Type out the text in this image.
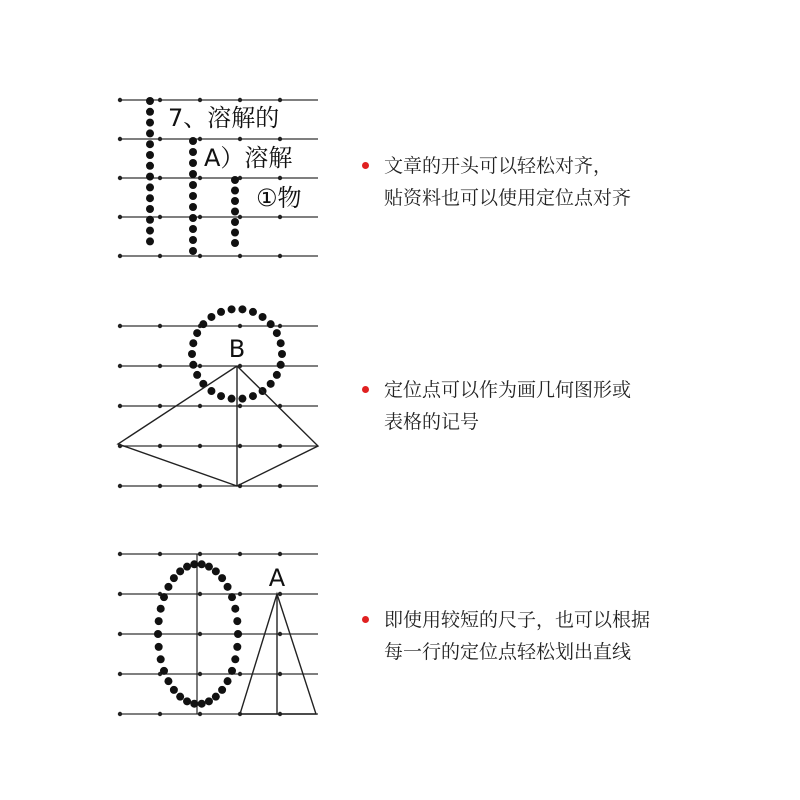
7、溶解的
A）溶解
①物
文章的开头可以轻松对齐，
贴资料也可以使用定位点对齐
B
定位点可以作为画几何图形或
表格的记号
A
即使用较短的尺子，也可以根据
每一行的定位点轻松划出直线
